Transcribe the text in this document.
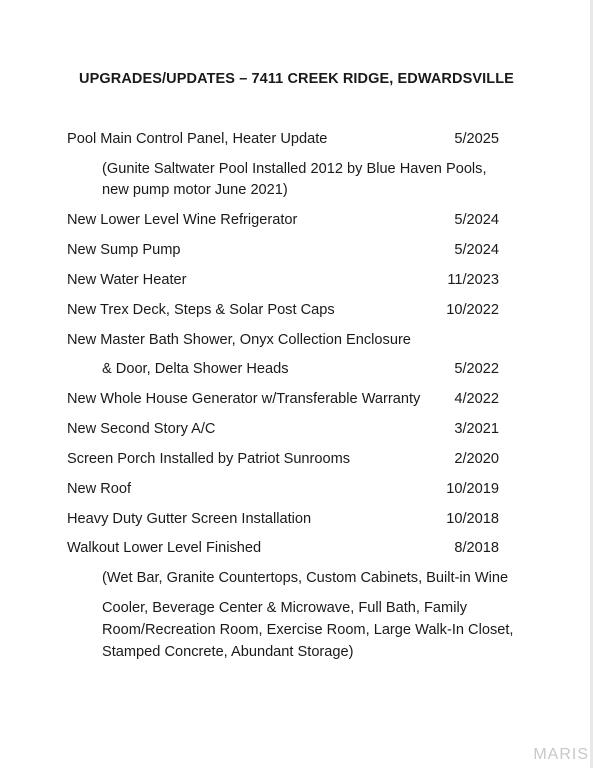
UPGRADES/UPDATES – 7411 CREEK RIDGE, EDWARDSVILLE
Pool Main Control Panel, Heater Update	5/2025
(Gunite Saltwater Pool Installed 2012 by Blue Haven Pools,
new pump motor June 2021)
New Lower Level Wine Refrigerator	5/2024
New Sump Pump	5/2024
New Water Heater	11/2023
New Trex Deck, Steps & Solar Post Caps	10/2022
New Master Bath Shower, Onyx Collection Enclosure
& Door, Delta Shower Heads	5/2022
New Whole House Generator w/Transferable Warranty 4/2022
New Second Story A/C	3/2021
Screen Porch Installed by Patriot Sunrooms	2/2020
New Roof	10/2019
Heavy Duty Gutter Screen Installation	10/2018
Walkout Lower Level Finished	8/2018
(Wet Bar, Granite Countertops, Custom Cabinets, Built-in Wine
Cooler, Beverage Center & Microwave, Full Bath, Family
Room/Recreation Room, Exercise Room, Large Walk-In Closet,
Stamped Concrete, Abundant Storage)
MARIS
